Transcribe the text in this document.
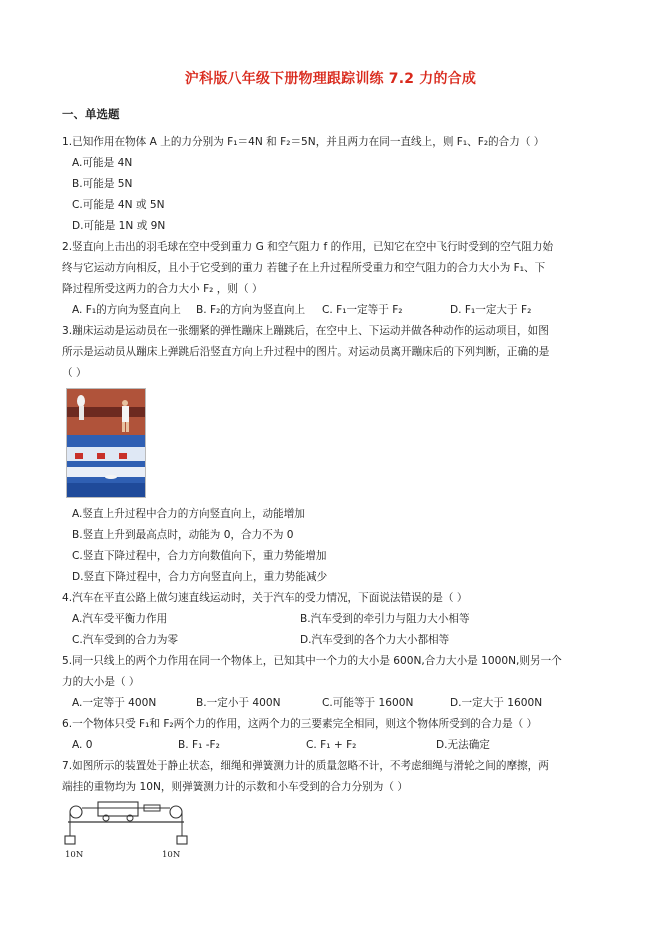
沪科版八年级下册物理跟踪训练 7.2 力的合成
一、单选题
1.已知作用在物体 A 上的力分别为 F₁＝4N 和 F₂＝5N，并且两力在同一直线上，则 F₁、F₂的合力（ ）
A.可能是 4N
B.可能是 5N
C.可能是 4N 或 5N
D.可能是 1N 或 9N
2.竖直向上击出的羽毛球在空中受到重力 G 和空气阻力 f 的作用，已知它在空中飞行时受到的空气阻力始
终与它运动方向相反，且小于它受到的重力 若毽子在上升过程所受重力和空气阻力的合力大小为 F₁、下
降过程所受这两力的合力大小 F₂ ，则（ ）
A. F₁的方向为竖直向上 B. F₂的方向为竖直向上 C. F₁一定等于 F₂	D. F₁一定大于 F₂
3.蹦床运动是运动员在一张绷紧的弹性蹦床上蹦跳后，在空中上、下运动并做各种动作的运动项目，如图
所示是运动员从蹦床上弹跳后沿竖直方向上升过程中的图片。对运动员离开蹦床后的下列判断，正确的是
（ ）
A.竖直上升过程中合力的方向竖直向上，动能增加
B.竖直上升到最高点时，动能为 0，合力不为 0
C.竖直下降过程中，合力方向数值向下，重力势能增加
D.竖直下降过程中，合力方向竖直向上，重力势能减少
4.汽车在平直公路上做匀速直线运动时，关于汽车的受力情况，下面说法错误的是（ ）
A.汽车受平衡力作用	B.汽车受到的牵引力与阻力大小相等
C.汽车受到的合力为零	D.汽车受到的各个力大小都相等
5.同一只线上的两个力作用在同一个物体上，已知其中一个力的大小是 600N,合力大小是 1000N,则另一个
力的大小是（ ）
A.一定等于 400N	B.一定小于 400N	C.可能等于 1600N	D.一定大于 1600N
6.一个物体只受 F₁和 F₂两个力的作用，这两个力的三要素完全相同，则这个物体所受到的合力是（ ）
A. 0	B. F₁ -F₂	C. F₁ + F₂	D.无法确定
7.如图所示的装置处于静止状态，细绳和弹簧测力计的质量忽略不计，不考虑细绳与滑轮之间的摩擦，两
端挂的重物均为 10N，则弹簧测力计的示数和小车受到的合力分别为（ ）
10N	10N
